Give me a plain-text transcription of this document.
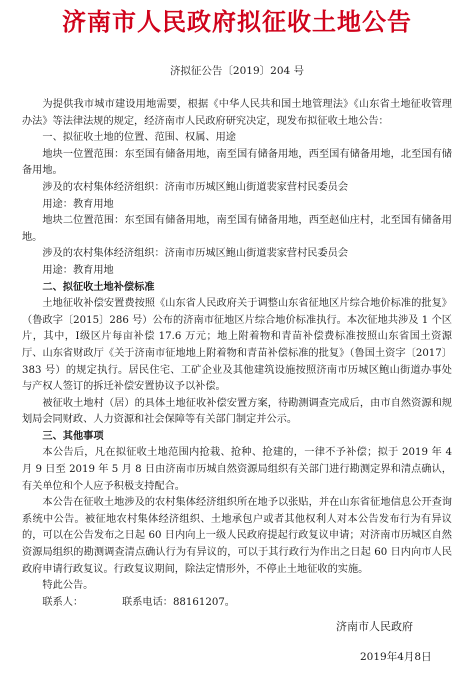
济南市人民政府拟征收土地公告
济拟征公告〔2019〕204 号

为提供我市城市建设用地需要，根据《中华人民共和国土地管理法》《山东省土地征收管理办法》等法律法规的规定，经济南市人民政府研究决定，现发布拟征收土地公告：

一、拟征收土地的位置、范围、权属、用途

地块一位置范围：东至国有储备用地，南至国有储备用地，西至国有储备用地，北至国有储备用地。

涉及的农村集体经济组织：济南市历城区鲍山街道裴家营村民委员会

用途：教育用地

地块二位置范围：东至国有储备用地，南至国有储备用地，西至赵仙庄村，北至国有储备用地。

涉及的农村集体经济组织：济南市历城区鲍山街道裴家营村民委员会

用途：教育用地

二、拟征收土地补偿标准

土地征收补偿安置费按照《山东省人民政府关于调整山东省征地区片综合地价标准的批复》（鲁政字〔2015〕286 号）公布的济南市征地区片综合地价标准执行。本次征地共涉及 1 个区片，其中，Ⅰ级区片每亩补偿 17.6 万元；地上附着物和青苗补偿费标准按照山东省国土资源厅、山东省财政厅《关于济南市征地地上附着物和青苗补偿标准的批复》（鲁国土资字〔2017〕383 号）的规定执行。居民住宅、工矿企业及其他建筑设施按照济南市历城区鲍山街道办事处与产权人签订的拆迁补偿安置协议予以补偿。

被征收土地村（居）的具体土地征收补偿安置方案，待勘测调查完成后，由市自然资源和规划局会同财政、人力资源和社会保障等有关部门制定并公示。

三、其他事项

本公告后，凡在拟征收土地范围内抢栽、抢种、抢建的，一律不予补偿；拟于 2019 年 4 月 9 日至 2019 年 5 月 8 日由济南市历城自然资源局组织有关部门进行勘测定界和清点确认，有关单位和个人应予积极支持配合。

本公告在征收土地涉及的农村集体经济组织所在地予以张贴，并在山东省征地信息公开查询系统中公告。被征地农村集体经济组织、土地承包户或者其他权利人对本公告发布行为有异议的，可以在公告发布之日起 60 日内向上一级人民政府提起行政复议申请；对济南市历城区自然资源局组织的勘测调查清点确认行为有异议的，可以于其行政行为作出之日起 60 日内向市人民政府申请行政复议。行政复议期间，除法定情形外，不停止土地征收的实施。

特此公告。

联系人：	联系电话：88161207。

济南市人民政府
2019年4月8日
